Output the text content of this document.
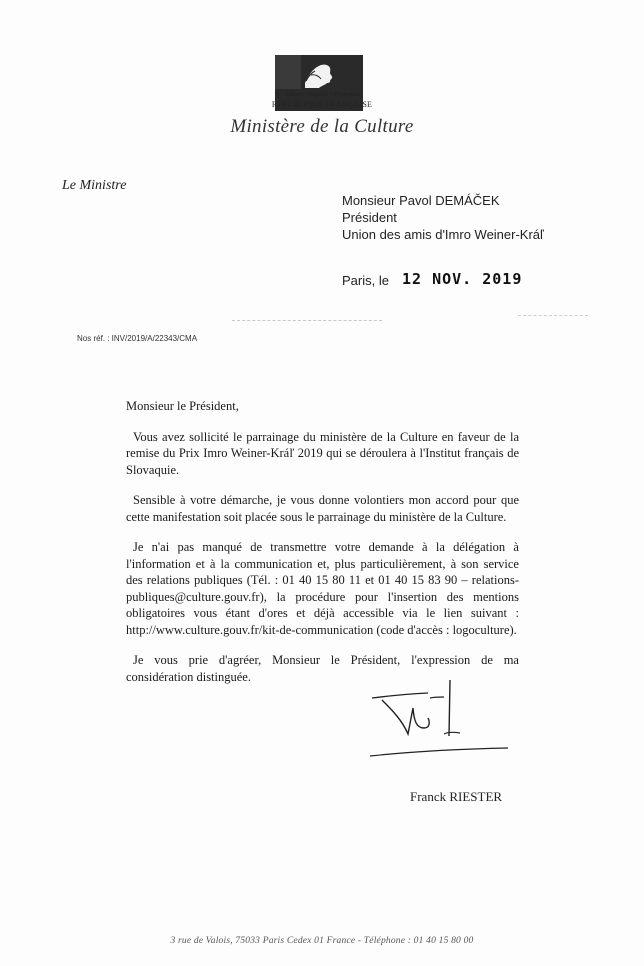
Liberté • Égalité • Fraternité
RÉPUBLIQUE FRANÇAISE
Ministère de la Culture
Le Ministre
Monsieur Pavol DEMÁČEK
Président
Union des amis d'Imro Weiner-Kráľ
Paris, le 12 NOV. 2019
Nos réf. : INV/2019/A/22343/CMA

Monsieur le Président,

Vous avez sollicité le parrainage du ministère de la Culture en faveur de la remise du Prix Imro Weiner-Kráľ 2019 qui se déroulera à l'Institut français de Slovaquie.

Sensible à votre démarche, je vous donne volontiers mon accord pour que cette manifestation soit placée sous le parrainage du ministère de la Culture.

Je n'ai pas manqué de transmettre votre demande à la délégation à l'information et à la communication et, plus particulièrement, à son service des relations publiques (Tél. : 01 40 15 80 11 et 01 40 15 83 90 – relations-publiques@culture.gouv.fr), la procédure pour l'insertion des mentions obligatoires vous étant d'ores et déjà accessible via le lien suivant : http://www.culture.gouv.fr/kit-de-communication (code d'accès : logoculture).

Je vous prie d'agréer, Monsieur le Président, l'expression de ma considération distinguée.

Franck RIESTER
3 rue de Valois, 75033 Paris Cedex 01 France - Téléphone : 01 40 15 80 00
